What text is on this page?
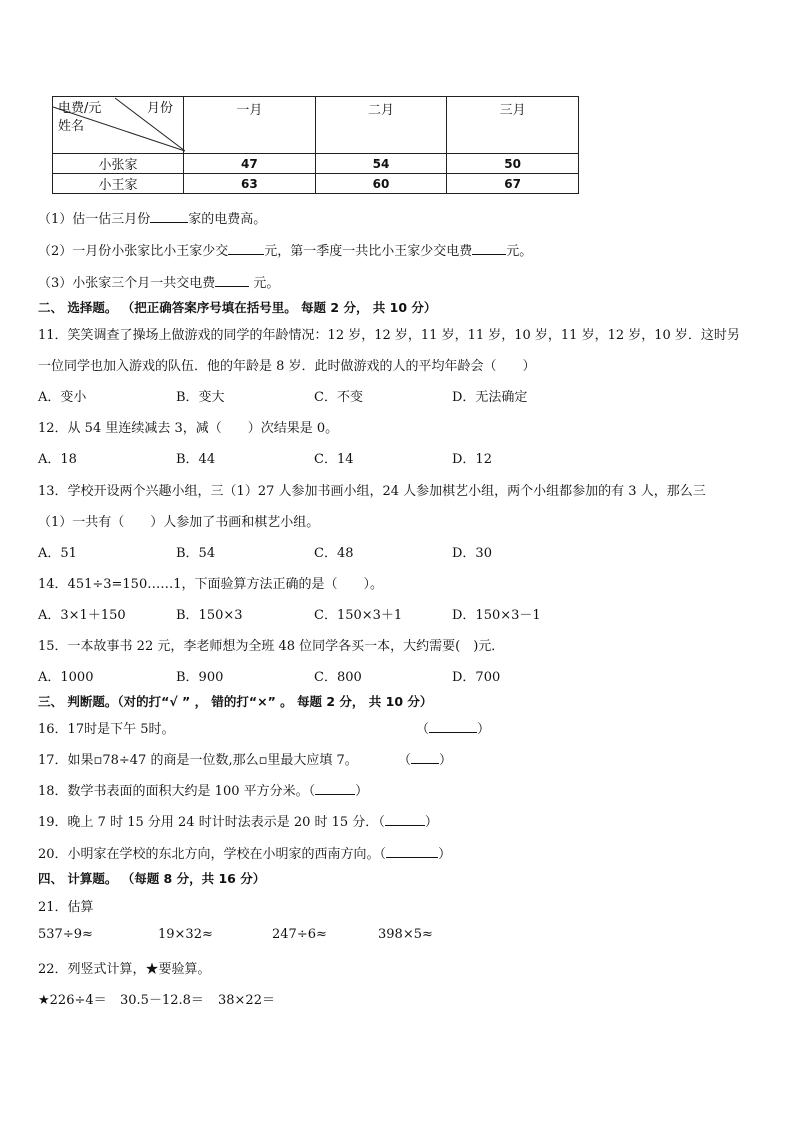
电费/元 月份
姓名	一月	二月	三月
小张家	47	54	50
小王家	63	60	67
（1）估一估三月份	家的电费高。
（2）一月份小张家比小王家少交	元，第一季度一共比小王家少交电费	元。
（3）小张家三个月一共交电费	元。
二、 选择题。 （把正确答案序号填在括号里。 每题 2 分， 共 10 分）
11．笑笑调查了操场上做游戏的同学的年龄情况：12 岁，12 岁，11 岁，11 岁，10 岁，11 岁，12 岁，10 岁．这时另
一位同学也加入游戏的队伍．他的年龄是 8 岁．此时做游戏的人的平均年龄会（　　）
A．变小	B．变大	C．不变	D．无法确定
12．从 54 里连续减去 3，减（　　）次结果是 0。
A．18	B．44	C．14	D．12
13．学校开设两个兴趣小组，三（1）27 人参加书画小组，24 人参加棋艺小组，两个小组都参加的有 3 人，那么三
（1）一共有（　　）人参加了书画和棋艺小组。
A．51	B．54	C．48	D．30
14．451÷3=150……1，下面验算方法正确的是（　　）。
A．3×1＋150	B．150×3	C．150×3＋1	D．150×3－1
15．一本故事书 22 元，李老师想为全班 48 位同学各买一本，大约需要(　)元．
A．1000	B．900	C．800	D．700
三、 判断题。（对的打“√ ” ， 错的打“×” 。 每题 2 分， 共 10 分）
16．17时是下午 5时。	（	）
17．如果▫78÷47 的商是一位数,那么▫里最大应填 7。	（ ）
18．数学书表面的面积大约是 100 平方分米。（	）
19．晚上 7 时 15 分用 24 时计时法表示是 20 时 15 分．（	）
20．小明家在学校的东北方向，学校在小明家的西南方向。（	）
四、 计算题。 （每题 8 分，共 16 分）
21．估算
537÷9≈	19×32≈	247÷6≈	398×5≈
22．列竖式计算，★要验算。
★226÷4＝ 30.5－12.8＝ 38×22＝
